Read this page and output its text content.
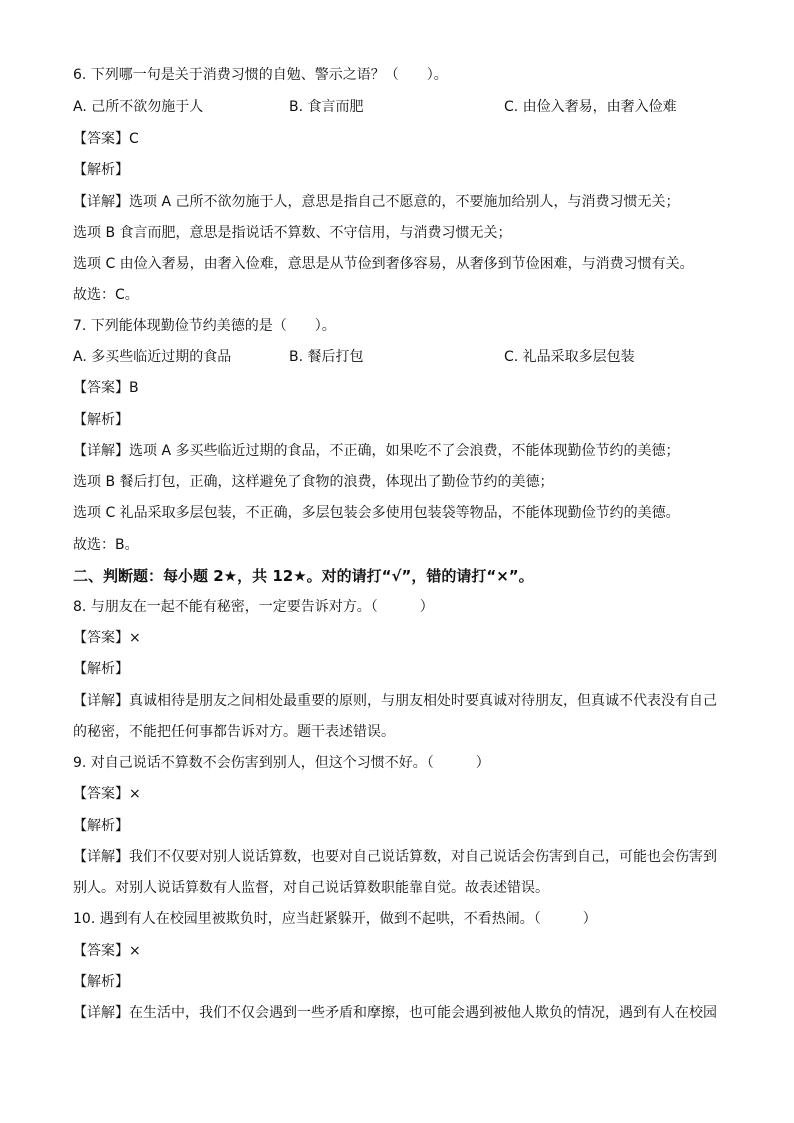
6. 下列哪一句是关于消费习惯的自勉、警示之语？（　　）。
A. 己所不欲勿施于人	B. 食言而肥	C. 由俭入奢易，由奢入俭难
【答案】C
【解析】
【详解】选项 A 己所不欲勿施于人，意思是指自己不愿意的，不要施加给别人，与消费习惯无关；
选项 B 食言而肥，意思是指说话不算数、不守信用，与消费习惯无关；
选项 C 由俭入奢易，由奢入俭难，意思是从节俭到奢侈容易，从奢侈到节俭困难，与消费习惯有关。
故选：C。
7. 下列能体现勤俭节约美德的是（　　）。
A. 多买些临近过期的食品	B. 餐后打包	C. 礼品采取多层包装
【答案】B
【解析】
【详解】选项 A 多买些临近过期的食品，不正确，如果吃不了会浪费，不能体现勤俭节约的美德；
选项 B 餐后打包，正确，这样避免了食物的浪费，体现出了勤俭节约的美德；
选项 C 礼品采取多层包装，不正确，多层包装会多使用包装袋等物品，不能体现勤俭节约的美德。
故选：B。
二、判断题：每小题 2★，共 12★。对的请打“√”，错的请打“×”。
8. 与朋友在一起不能有秘密，一定要告诉对方。（　　　）
【答案】×
【解析】
【详解】真诚相待是朋友之间相处最重要的原则，与朋友相处时要真诚对待朋友，但真诚不代表没有自己
的秘密，不能把任何事都告诉对方。题干表述错误。
9. 对自己说话不算数不会伤害到别人，但这个习惯不好。（　　　）
【答案】×
【解析】
【详解】我们不仅要对别人说话算数，也要对自己说话算数，对自己说话会伤害到自己，可能也会伤害到
别人。对别人说话算数有人监督，对自己说话算数职能靠自觉。故表述错误。
10. 遇到有人在校园里被欺负时，应当赶紧躲开，做到不起哄，不看热闹。（　　　）
【答案】×
【解析】
【详解】在生活中，我们不仅会遇到一些矛盾和摩擦，也可能会遇到被他人欺负的情况，遇到有人在校园
